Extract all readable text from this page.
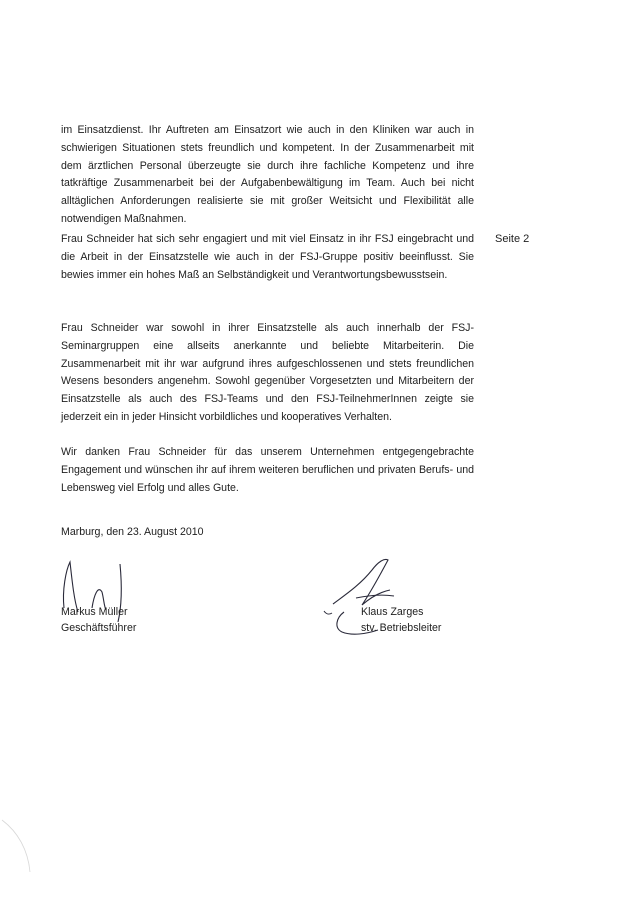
im Einsatzdienst. Ihr Auftreten am Einsatzort wie auch in den Kliniken war auch in schwierigen Situationen stets freundlich und kompetent. In der Zusammenarbeit mit dem ärztlichen Personal überzeugte sie durch ihre fachliche Kompetenz und ihre tatkräftige Zusammenarbeit bei der Aufgabenbewältigung im Team. Auch bei nicht alltäglichen Anforderungen realisierte sie mit großer Weitsicht und Flexibilität alle notwendigen Maßnahmen.

Frau Schneider hat sich sehr engagiert und mit viel Einsatz in ihr FSJ eingebracht und die Arbeit in der Einsatzstelle wie auch in der FSJ-Gruppe positiv beeinflusst. Sie bewies immer ein hohes Maß an Selbständigkeit und Verantwortungsbewusstsein.

Frau Schneider war sowohl in ihrer Einsatzstelle als auch innerhalb der FSJ-Seminargruppen eine allseits anerkannte und beliebte Mitarbeiterin. Die Zusammenarbeit mit ihr war aufgrund ihres aufgeschlossenen und stets freundlichen Wesens besonders angenehm. Sowohl gegenüber Vorgesetzten und Mitarbeitern der Einsatzstelle als auch des FSJ-Teams und den FSJ-TeilnehmerInnen zeigte sie jederzeit ein in jeder Hinsicht vorbildliches und kooperatives Verhalten.

Wir danken Frau Schneider für das unserem Unternehmen entgegengebrachte Engagement und wünschen ihr auf ihrem weiteren beruflichen und privaten Berufs- und Lebensweg viel Erfolg und alles Gute.

Seite 2
Marburg, den 23. August 2010
Markus Müller
Geschäftsführer
Klaus Zarges
stv. Betriebsleiter
